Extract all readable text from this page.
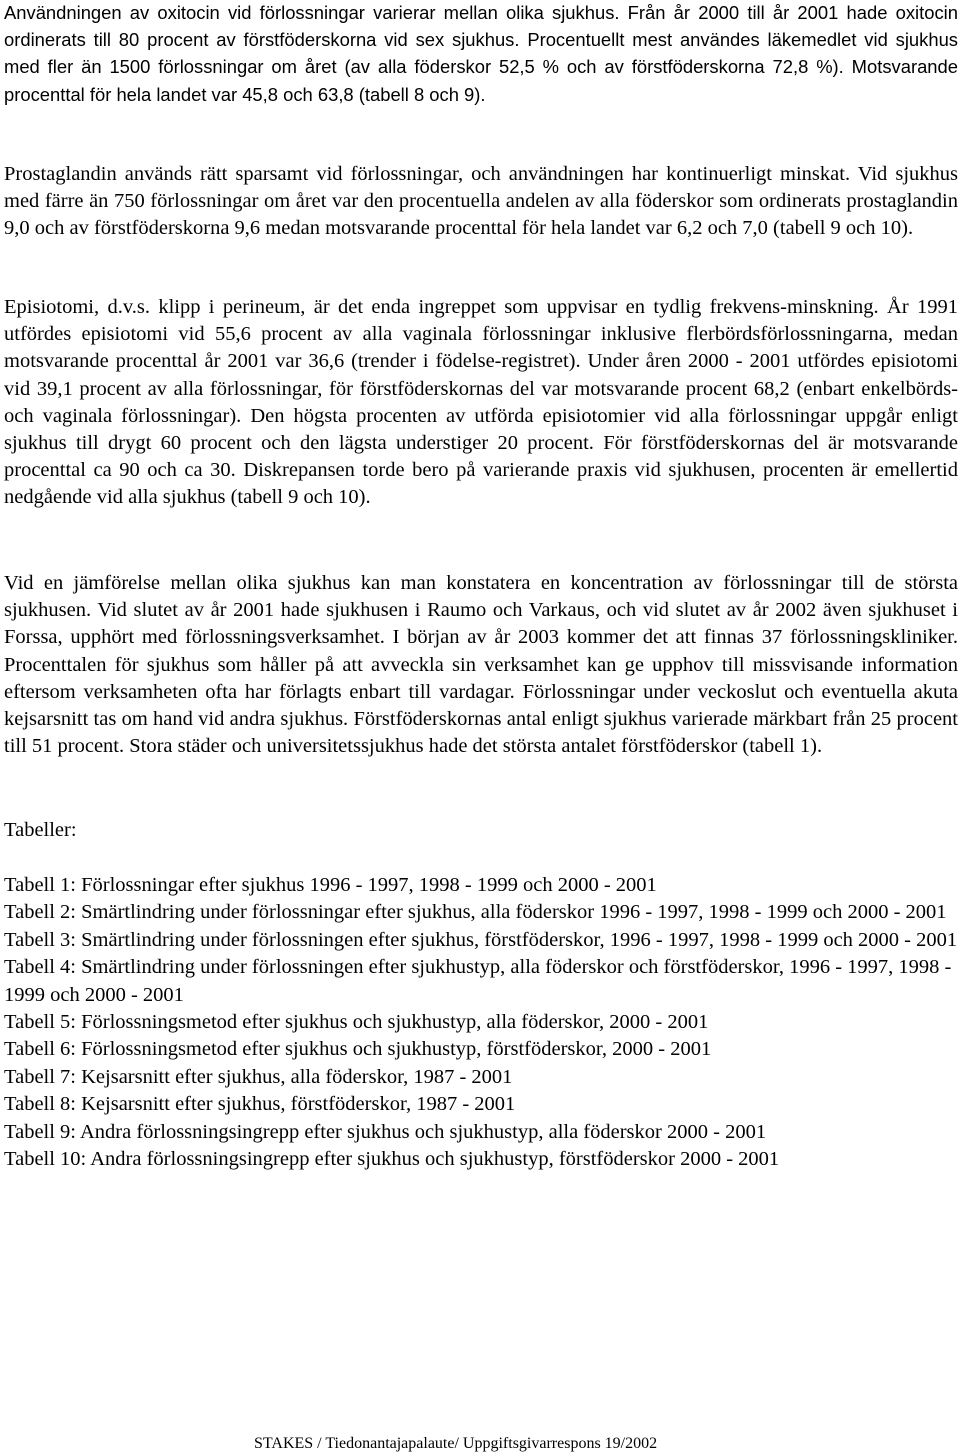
Användningen av oxitocin vid förlossningar varierar mellan olika sjukhus. Från år 2000 till år 2001 hade oxitocin ordinerats till 80 procent av förstföderskorna vid sex sjukhus. Procentuellt mest användes läkemedlet vid sjukhus med fler än 1500 förlossningar om året (av alla föderskor 52,5 % och av förstföderskorna 72,8 %). Motsvarande procenttal för hela landet var 45,8 och 63,8 (tabell 8 och 9).

Prostaglandin används rätt sparsamt vid förlossningar, och användningen har kontinuerligt minskat. Vid sjukhus med färre än 750 förlossningar om året var den procentuella andelen av alla föderskor som ordinerats prostaglandin 9,0 och av förstföderskorna 9,6 medan motsvarande procenttal för hela landet var 6,2 och 7,0 (tabell 9 och 10).

Episiotomi, d.v.s. klipp i perineum, är det enda ingreppet som uppvisar en tydlig frekvens-minskning. År 1991 utfördes episiotomi vid 55,6 procent av alla vaginala förlossningar inklusive flerbördsförlossningarna, medan motsvarande procenttal år 2001 var 36,6 (trender i födelse-registret). Under åren 2000 - 2001 utfördes episiotomi vid 39,1 procent av alla förlossningar, för förstföderskornas del var motsvarande procent 68,2 (enbart enkelbörds- och vaginala förlossningar). Den högsta procenten av utförda episiotomier vid alla förlossningar uppgår enligt sjukhus till drygt 60 procent och den lägsta understiger 20 procent. För förstföderskornas del är motsvarande procenttal ca 90 och ca 30. Diskrepansen torde bero på varierande praxis vid sjukhusen, procenten är emellertid nedgående vid alla sjukhus (tabell 9 och 10).

Vid en jämförelse mellan olika sjukhus kan man konstatera en koncentration av förlossningar till de största sjukhusen. Vid slutet av år 2001 hade sjukhusen i Raumo och Varkaus, och vid slutet av år 2002 även sjukhuset i Forssa, upphört med förlossningsverksamhet. I början av år 2003 kommer det att finnas 37 förlossningskliniker. Procenttalen för sjukhus som håller på att avveckla sin verksamhet kan ge upphov till missvisande information eftersom verksamheten ofta har förlagts enbart till vardagar. Förlossningar under veckoslut och eventuella akuta kejsarsnitt tas om hand vid andra sjukhus. Förstföderskornas antal enligt sjukhus varierade märkbart från 25 procent till 51 procent. Stora städer och universitetssjukhus hade det största antalet förstföderskor (tabell 1).

Tabeller:

Tabell 1: Förlossningar efter sjukhus 1996 - 1997, 1998 - 1999 och 2000 - 2001
Tabell 2: Smärtlindring under förlossningar efter sjukhus, alla föderskor 1996 - 1997, 1998 - 1999 och 2000 - 2001
Tabell 3: Smärtlindring under förlossningen efter sjukhus, förstföderskor, 1996 - 1997, 1998 - 1999 och 2000 - 2001
Tabell 4: Smärtlindring under förlossningen efter sjukhustyp, alla föderskor och förstföderskor, 1996 - 1997, 1998 - 1999 och 2000 - 2001
Tabell 5: Förlossningsmetod efter sjukhus och sjukhustyp, alla föderskor, 2000 - 2001
Tabell 6: Förlossningsmetod efter sjukhus och sjukhustyp, förstföderskor, 2000 - 2001
Tabell 7: Kejsarsnitt efter sjukhus, alla föderskor, 1987 - 2001
Tabell 8: Kejsarsnitt efter sjukhus, förstföderskor, 1987 - 2001
Tabell 9: Andra förlossningsingrepp efter sjukhus och sjukhustyp, alla föderskor 2000 - 2001
Tabell 10: Andra förlossningsingrepp efter sjukhus och sjukhustyp, förstföderskor 2000 - 2001
STAKES / Tiedonantajapalaute/ Uppgiftsgivarrespons 19/2002
